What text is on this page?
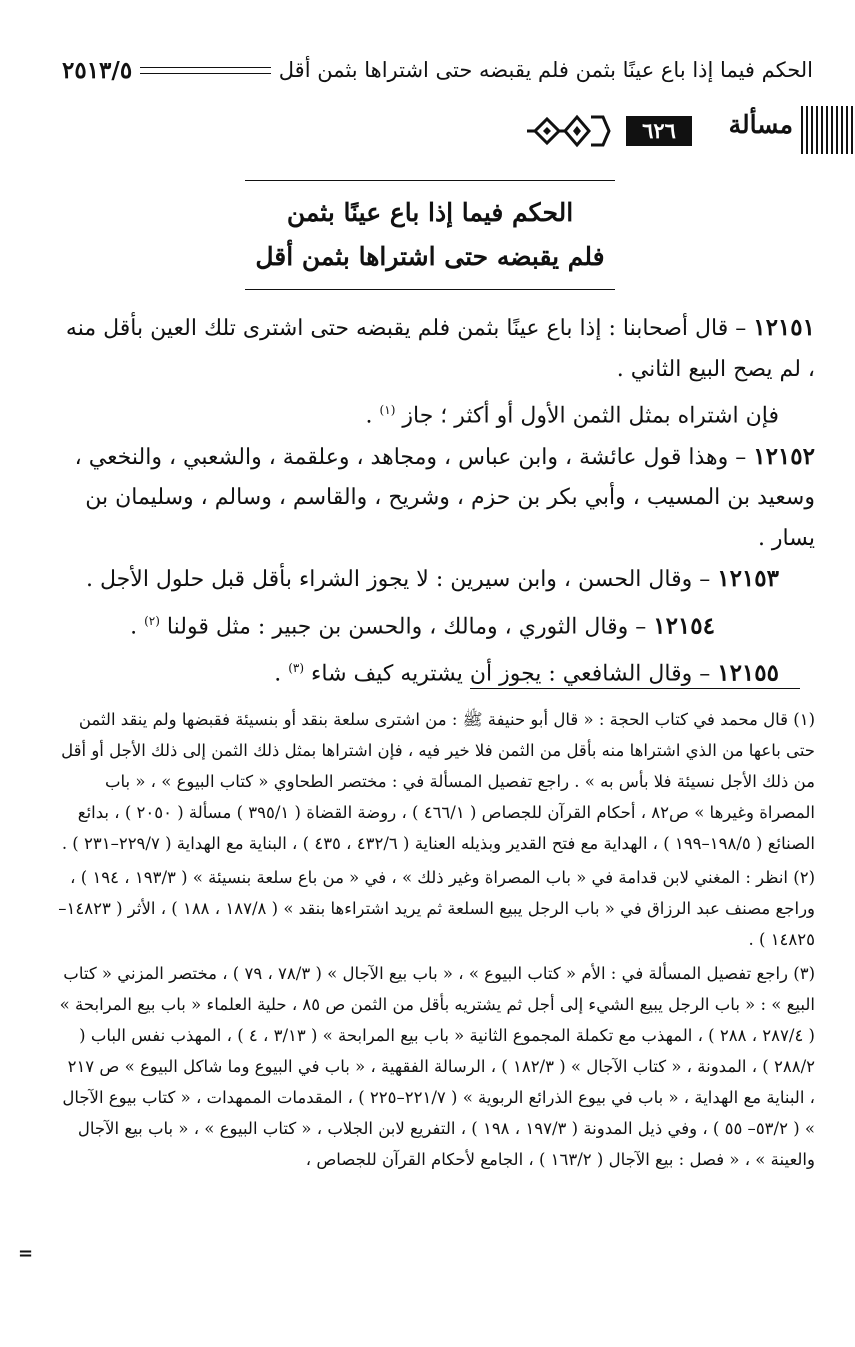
الحكم فيما إذا باع عينًا بثمن فلم يقبضه حتى اشتراها بثمن أقل
٢٥١٣/٥
مسألة
٦٢٦
الحكم فيما إذا باع عينًا بثمن
فلم يقبضه حتى اشتراها بثمن أقل

١٢١٥١ – قال أصحابنا : إذا باع عينًا بثمن فلم يقبضه حتى اشترى تلك العين بأقل منه ، لم يصح البيع الثاني .

فإن اشتراه بمثل الثمن الأول أو أكثر ؛ جاز $^{(١)}$ .

١٢١٥٢ – وهذا قول عائشة ، وابن عباس ، ومجاهد ، وعلقمة ، والشعبي ، والنخعي ، وسعيد بن المسيب ، وأبي بكر بن حزم ، وشريح ، والقاسم ، وسالم ، وسليمان بن يسار .

١٢١٥٣ – وقال الحسن ، وابن سيرين : لا يجوز الشراء بأقل قبل حلول الأجل .

١٢١٥٤ – وقال الثوري ، ومالك ، والحسن بن جبير : مثل قولنا $^{(٢)}$ .

١٢١٥٥ – وقال الشافعي : يجوز أن يشتريه كيف شاء $^{(٣)}$ .

(١) قال محمد في كتاب الحجة : « قال أبو حنيفة ﷺ : من اشترى سلعة بنقد أو بنسيئة فقبضها ولم ينقد الثمن حتى باعها من الذي اشتراها منه بأقل من الثمن فلا خير فيه ، فإن اشتراها بمثل ذلك الثمن إلى ذلك الأجل أو أقل من ذلك الأجل نسيئة فلا بأس به » . راجع تفصيل المسألة في : مختصر الطحاوي « كتاب البيوع » ، « باب المصراة وغيرها » ص٨٢ ، أحكام القرآن للجصاص ( ٤٦٦/١ ) ، روضة القضاة ( ٣٩٥/١ ) مسألة ( ٢٠٥٠ ) ، بدائع الصنائع ( ١٩٨/٥–١٩٩ ) ، الهداية مع فتح القدير وبذيله العناية ( ٤٣٢/٦ ، ٤٣٥ ) ، البناية مع الهداية ( ٢٢٩/٧–٢٣١ ) .

(٢) انظر : المغني لابن قدامة في « باب المصراة وغير ذلك » ، في « من باع سلعة بنسيئة » ( ١٩٣/٣ ، ١٩٤ ) ، وراجع مصنف عبد الرزاق في « باب الرجل يبيع السلعة ثم يريد اشتراءها بنقد » ( ١٨٧/٨ ، ١٨٨ ) ، الأثر ( ١٤٨٢٣–١٤٨٢٥ ) .

(٣) راجع تفصيل المسألة في : الأم « كتاب البيوع » ، « باب بيع الآجال » ( ٧٨/٣ ، ٧٩ ) ، مختصر المزني « كتاب البيع » : « باب الرجل يبيع الشيء إلى أجل ثم يشتريه بأقل من الثمن ص ٨٥ ، حلية العلماء « باب بيع المرابحة » ( ٢٨٧/٤ ، ٢٨٨ ) ، المهذب مع تكملة المجموع الثانية « باب بيع المرابحة » ( ٣/١٣ ، ٤ ) ، المهذب نفس الباب ( ٢٨٨/٢ ) ، المدونة ، « كتاب الآجال » ( ١٨٢/٣ ) ، الرسالة الفقهية ، « باب في البيوع وما شاكل البيوع » ص ٢١٧ ، البناية مع الهداية ، « باب في بيوع الذرائع الربوية » ( ٢٢١/٧–٢٢٥ ) ، المقدمات الممهدات ، « كتاب بيوع الآجال » ( ٥٣/٢– ٥٥ ) ، وفي ذيل المدونة ( ١٩٧/٣ ، ١٩٨ ) ، التفريع لابن الجلاب ، « كتاب البيوع » ، « باب بيع الآجال والعينة » ، « فصل : بيع الآجال ( ١٦٣/٢ ) ، الجامع لأحكام القرآن للجصاص ،

=
